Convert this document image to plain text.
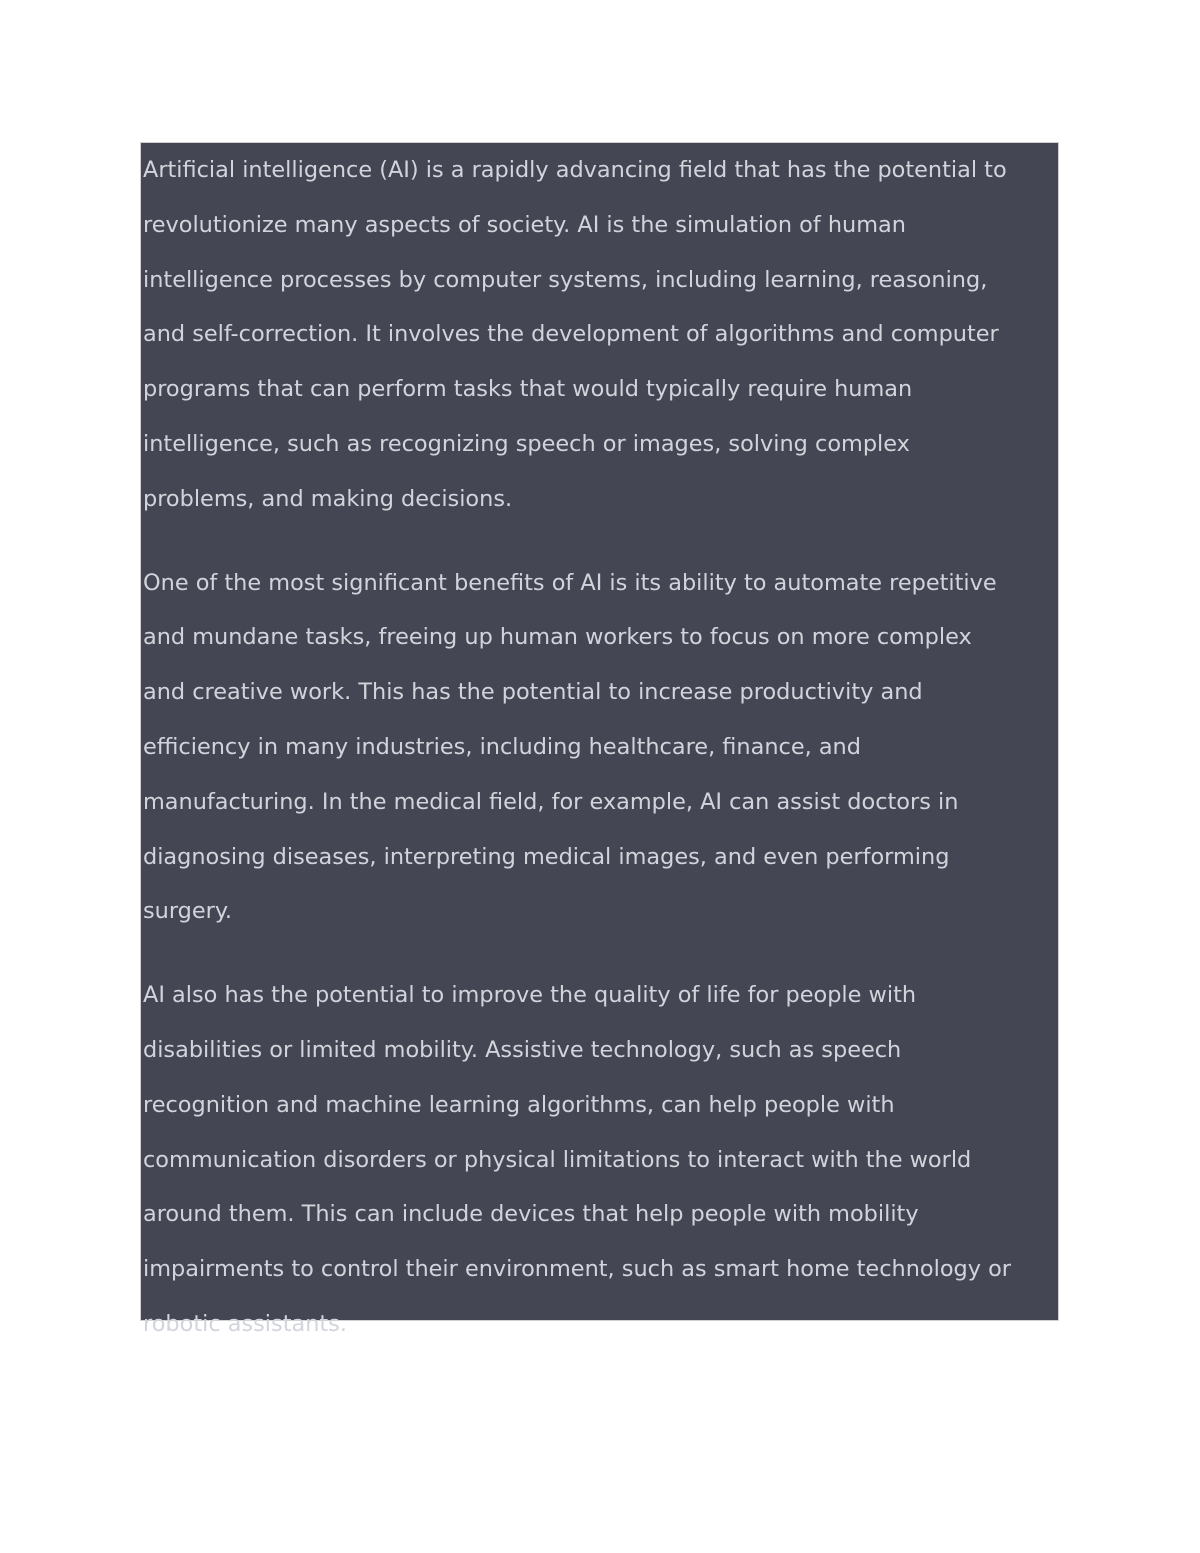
Artificial intelligence (AI) is a rapidly advancing field that has the potential to
revolutionize many aspects of society. AI is the simulation of human
intelligence processes by computer systems, including learning, reasoning,
and self-correction. It involves the development of algorithms and computer
programs that can perform tasks that would typically require human
intelligence, such as recognizing speech or images, solving complex
problems, and making decisions.

One of the most significant benefits of AI is its ability to automate repetitive
and mundane tasks, freeing up human workers to focus on more complex
and creative work. This has the potential to increase productivity and
efficiency in many industries, including healthcare, finance, and
manufacturing. In the medical field, for example, AI can assist doctors in
diagnosing diseases, interpreting medical images, and even performing
surgery.

AI also has the potential to improve the quality of life for people with
disabilities or limited mobility. Assistive technology, such as speech
recognition and machine learning algorithms, can help people with
communication disorders or physical limitations to interact with the world
around them. This can include devices that help people with mobility
impairments to control their environment, such as smart home technology or
robotic assistants.
